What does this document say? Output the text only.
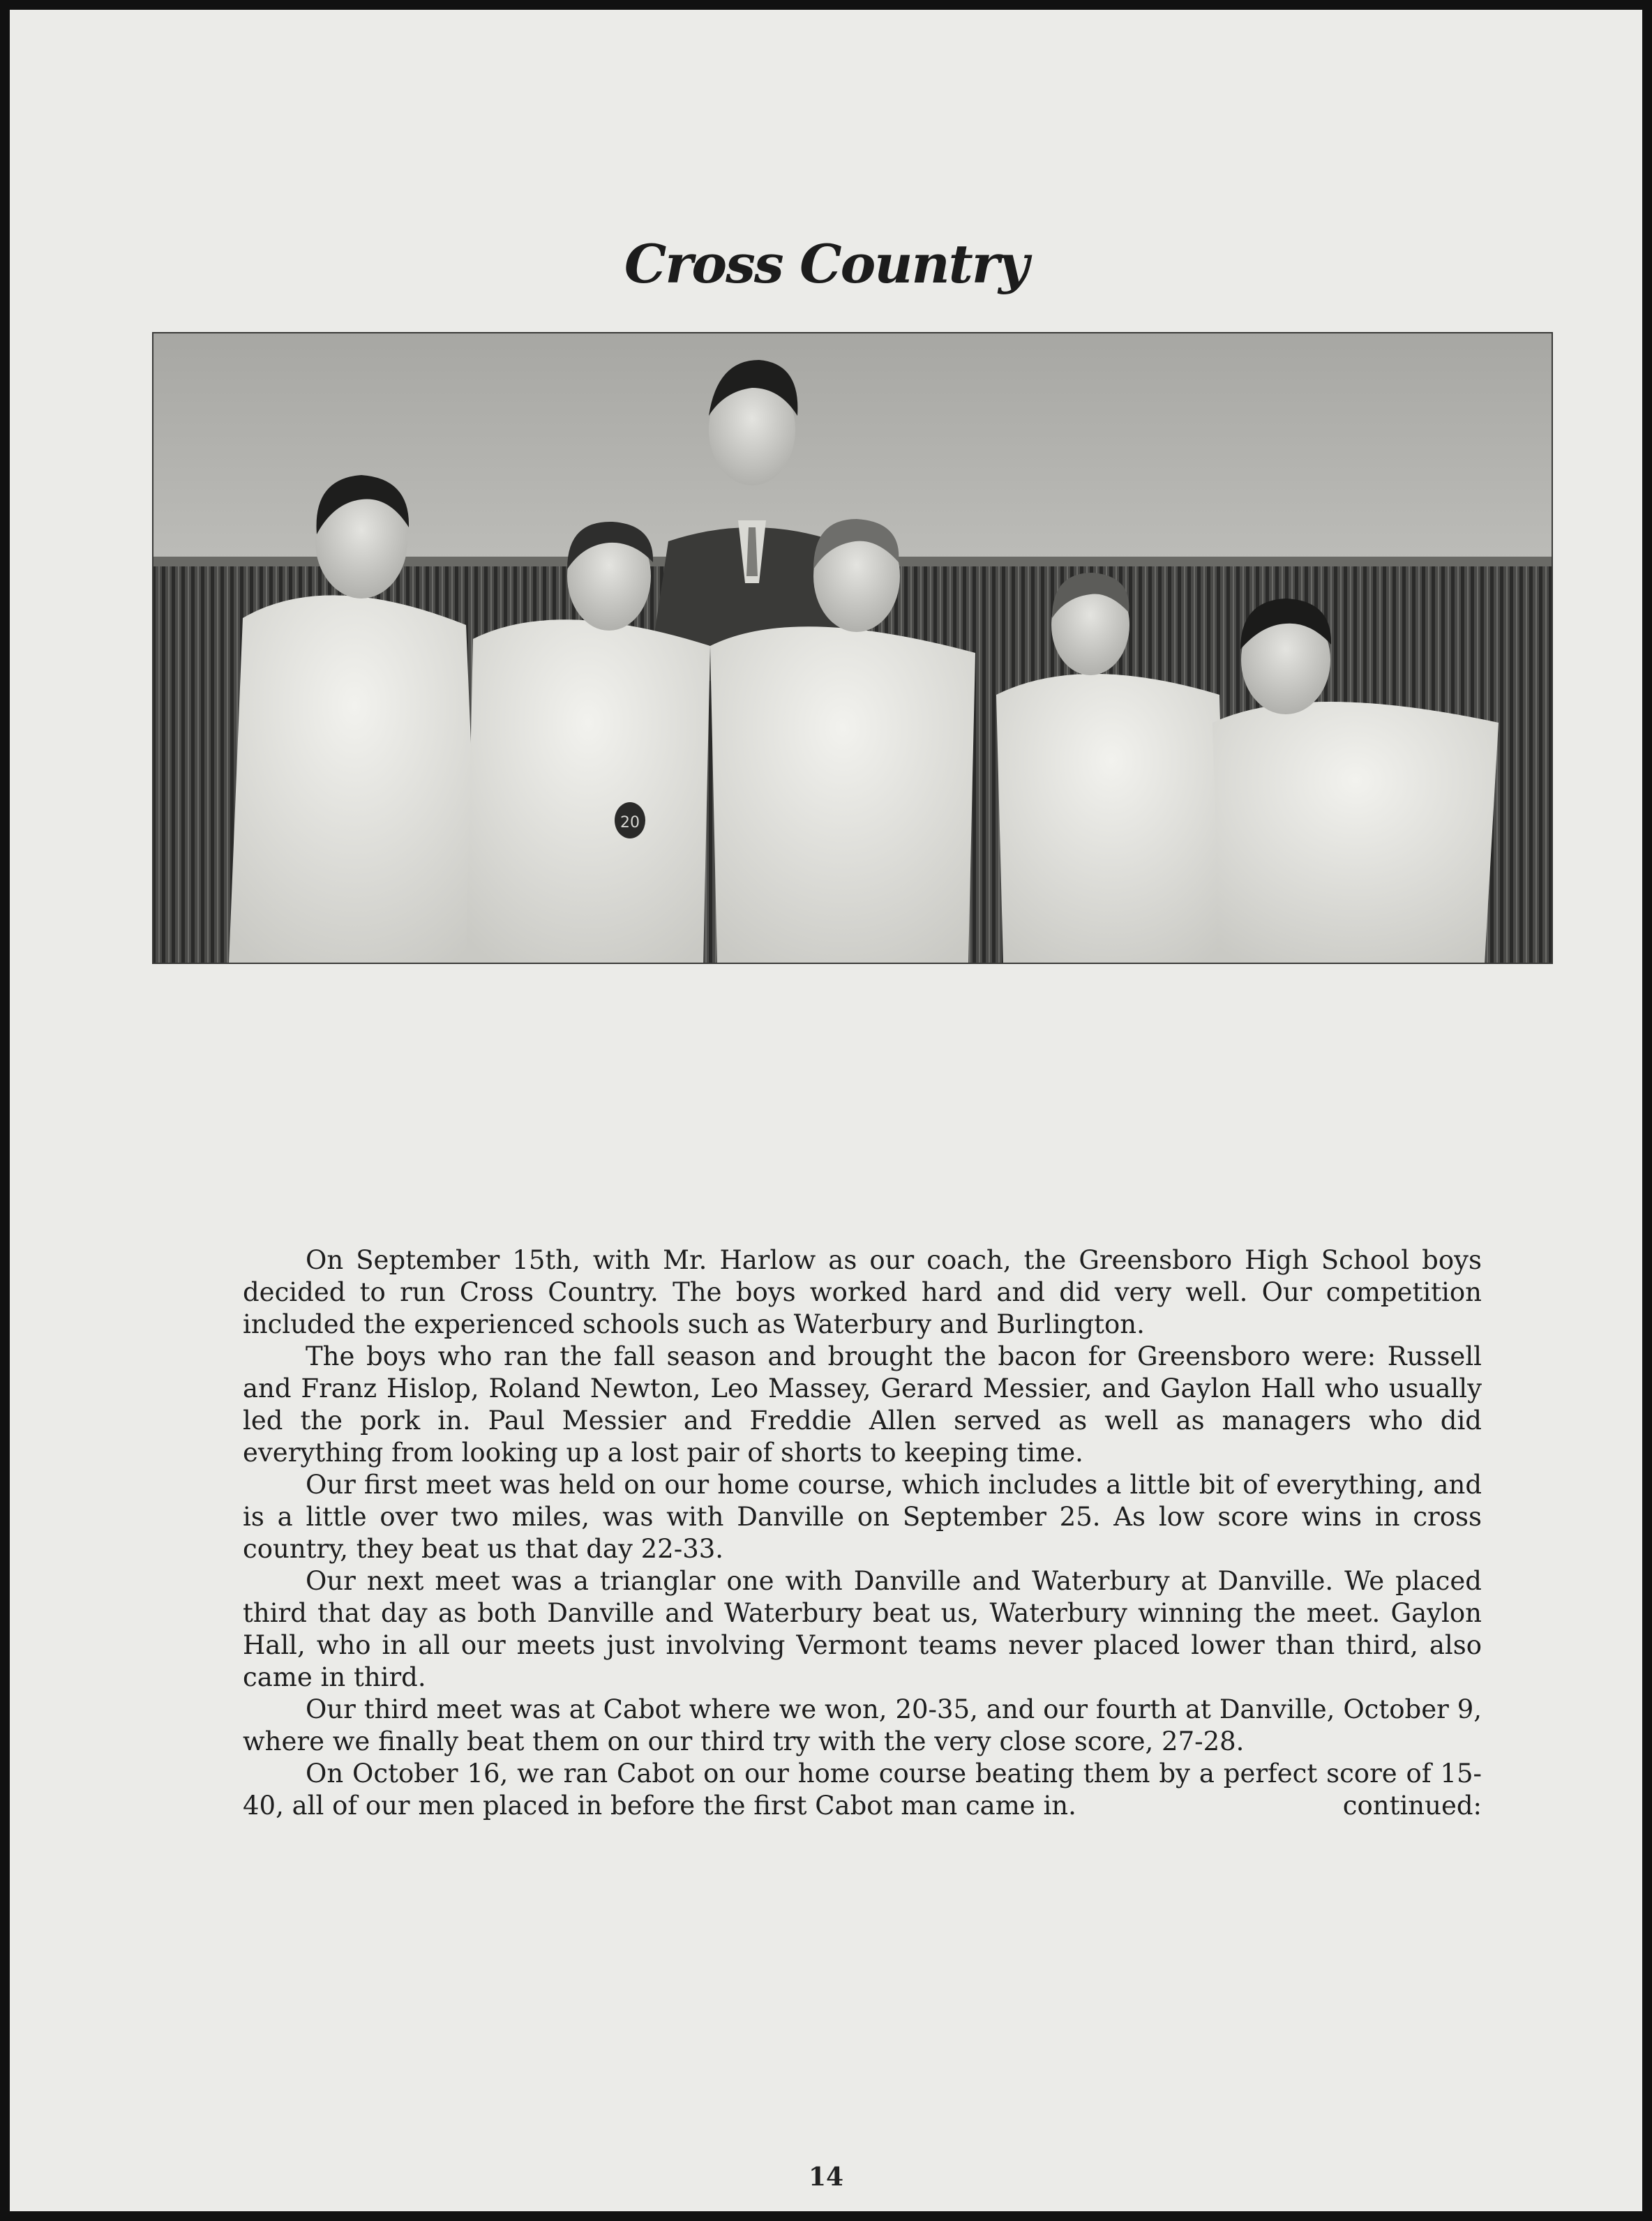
Cross Country
20

On September 15th, with Mr. Harlow as our coach, the Greensboro High School boys decided to run Cross Country. The boys worked hard and did very well. Our competition included the experienced schools such as Waterbury and Burlington.

The boys who ran the fall season and brought the bacon for Greensboro were: Russell and Franz Hislop, Roland Newton, Leo Massey, Gerard Messier, and Gaylon Hall who usually led the pork in. Paul Messier and Freddie Allen served as well as managers who did everything from looking up a lost pair of shorts to keeping time.

Our first meet was held on our home course, which includes a little bit of everything, and is a little over two miles, was with Danville on September 25. As low score wins in cross country, they beat us that day 22-33.

Our next meet was a trianglar one with Danville and Waterbury at Danville. We placed third that day as both Danville and Waterbury beat us, Waterbury winning the meet. Gaylon Hall, who in all our meets just involving Vermont teams never placed lower than third, also came in third.

Our third meet was at Cabot where we won, 20-35, and our fourth at Danville, October 9, where we finally beat them on our third try with the very close score, 27-28.

On October 16, we ran Cabot on our home course beating them by a perfect score of 15-40, all of our men placed in before the first Cabot man came in.	continued:
14
